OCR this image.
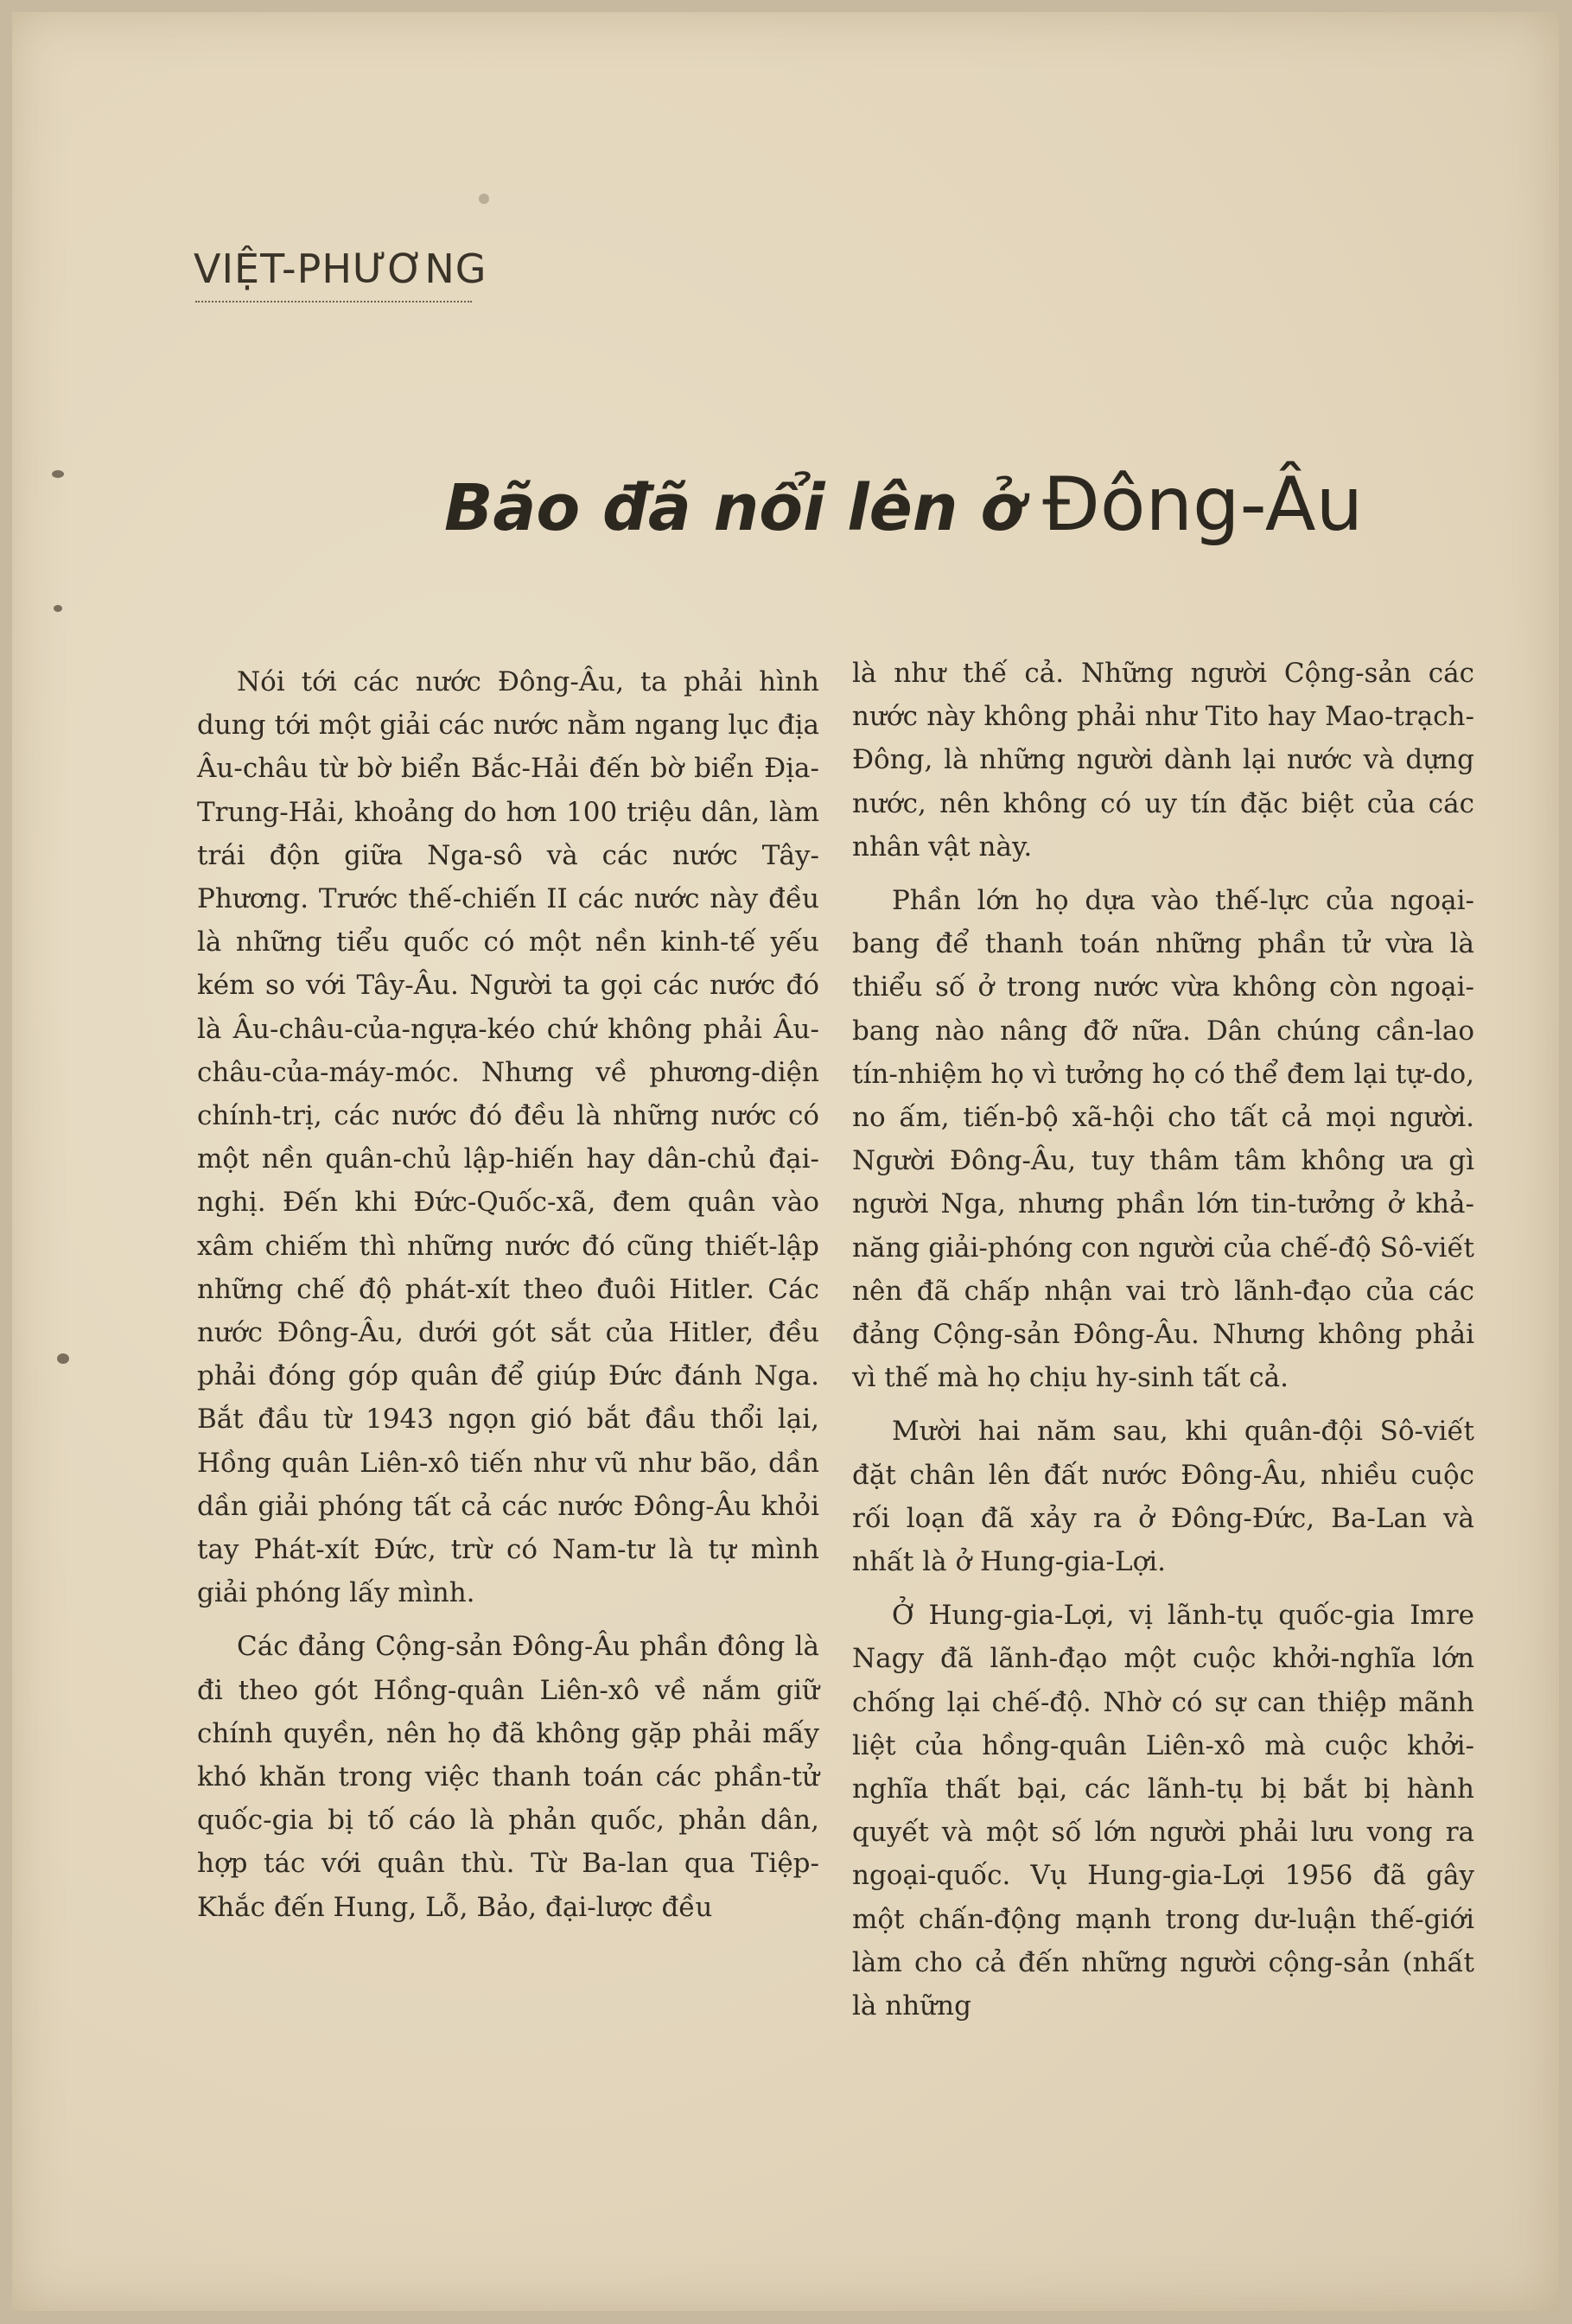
VIỆT-PHƯƠNG
Bão đã nổi lên ở Đông-Âu

Nói tới các nước Đông-Âu, ta phải hình dung tới một giải các nước nằm ngang lục địa Âu-châu từ bờ biển Bắc-Hải đến bờ biển Địa-Trung-Hải, khoảng do hơn 100 triệu dân, làm trái độn giữa Nga-sô và các nước Tây-Phương. Trước thế-chiến II các nước này đều là những tiểu quốc có một nền kinh-tế yếu kém so với Tây-Âu. Người ta gọi các nước đó là Âu-châu-của-ngựa-kéo chứ không phải Âu-châu-của-máy-móc. Nhưng về phương-diện chính-trị, các nước đó đều là những nước có một nền quân-chủ lập-hiến hay dân-chủ đại-nghị. Đến khi Đức-Quốc-xã, đem quân vào xâm chiếm thì những nước đó cũng thiết-lập những chế độ phát-xít theo đuôi Hitler. Các nước Đông-Âu, dưới gót sắt của Hitler, đều phải đóng góp quân để giúp Đức đánh Nga. Bắt đầu từ 1943 ngọn gió bắt đầu thổi lại, Hồng quân Liên-xô tiến như vũ như bão, dần dần giải phóng tất cả các nước Đông-Âu khỏi tay Phát-xít Đức, trừ có Nam-tư là tự mình giải phóng lấy mình.

Các đảng Cộng-sản Đông-Âu phần đông là đi theo gót Hồng-quân Liên-xô về nắm giữ chính quyền, nên họ đã không gặp phải mấy khó khăn trong việc thanh toán các phần-tử quốc-gia bị tố cáo là phản quốc, phản dân, hợp tác với quân thù. Từ Ba-lan qua Tiệp-Khắc đến Hung, Lỗ, Bảo, đại-lược đều

là như thế cả. Những người Cộng-sản các nước này không phải như Tito hay Mao-trạch-Đông, là những người dành lại nước và dựng nước, nên không có uy tín đặc biệt của các nhân vật này.

Phần lớn họ dựa vào thế-lực của ngoại-bang để thanh toán những phần tử vừa là thiểu số ở trong nước vừa không còn ngoại-bang nào nâng đỡ nữa. Dân chúng cần-lao tín-nhiệm họ vì tưởng họ có thể đem lại tự-do, no ấm, tiến-bộ xã-hội cho tất cả mọi người. Người Đông-Âu, tuy thâm tâm không ưa gì người Nga, nhưng phần lớn tin-tưởng ở khả-năng giải-phóng con người của chế-độ Sô-viết nên đã chấp nhận vai trò lãnh-đạo của các đảng Cộng-sản Đông-Âu. Nhưng không phải vì thế mà họ chịu hy-sinh tất cả.

Mười hai năm sau, khi quân-đội Sô-viết đặt chân lên đất nước Đông-Âu, nhiều cuộc rối loạn đã xảy ra ở Đông-Đức, Ba-Lan và nhất là ở Hung-gia-Lợi.

Ở Hung-gia-Lợi, vị lãnh-tụ quốc-gia Imre Nagy đã lãnh-đạo một cuộc khởi-nghĩa lớn chống lại chế-độ. Nhờ có sự can thiệp mãnh liệt của hồng-quân Liên-xô mà cuộc khởi-nghĩa thất bại, các lãnh-tụ bị bắt bị hành quyết và một số lớn người phải lưu vong ra ngoại-quốc. Vụ Hung-gia-Lợi 1956 đã gây một chấn-động mạnh trong dư-luận thế-giới làm cho cả đến những người cộng-sản (nhất là những
